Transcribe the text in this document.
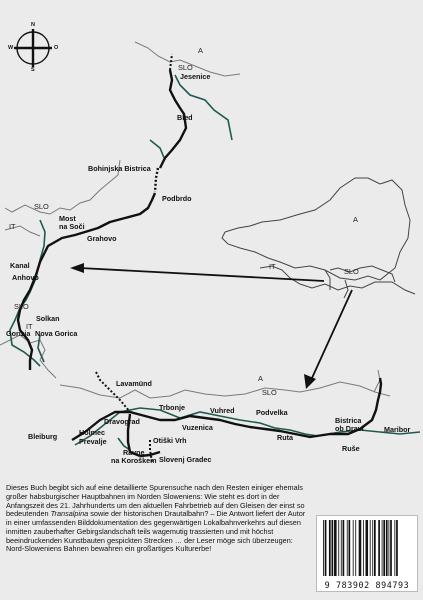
N
S
W	O	A
SLO
SLO
IT
SLO
IT
A
IT
SLO
A
SLO
Jesenice
Bled
Bohinjska Bistrica
Podbrdo
Most
na Soči
Grahovo
Kanal
Anhovo
Solkan
Gorizia Nova Gorica
Lavamünd
Trbonje	Vuhred	Podvelka
Bistrica
ob Dravi	Maribor
Dravograd
Vuzenica
Holmec
Prevalje
Bleiburg	Otiški Vrh
Ravne
na Koroškem Slovenj Gradec
Ruta
Ruše

Dieses Buch begibt sich auf eine detaillierte Spurensuche nach den Resten einiger ehemals großer habsburgischer Hauptbahnen im Norden Sloweniens: Wie steht es dort in der Anfangszeit des 21. Jahrhunderts um den aktuellen Fahrbetrieb auf den Gleisen der einst so bedeutenden Transalpina sowie der historischen Drautalbahn? – Die Antwort liefert der Autor in einer umfassenden Bilddokumentation des gegenwärtigen Lokalbahnverkehrs auf diesen inmitten zauberhafter Gebirgslandschaft teils wagemutig trassierten und mit höchst beeindruckenden Kunstbauten gespickten Strecken … der Leser möge sich überzeugen: Nord-Sloweniens Bahnen bewahren ein großartiges Kulturerbe!

9 783902 894793
